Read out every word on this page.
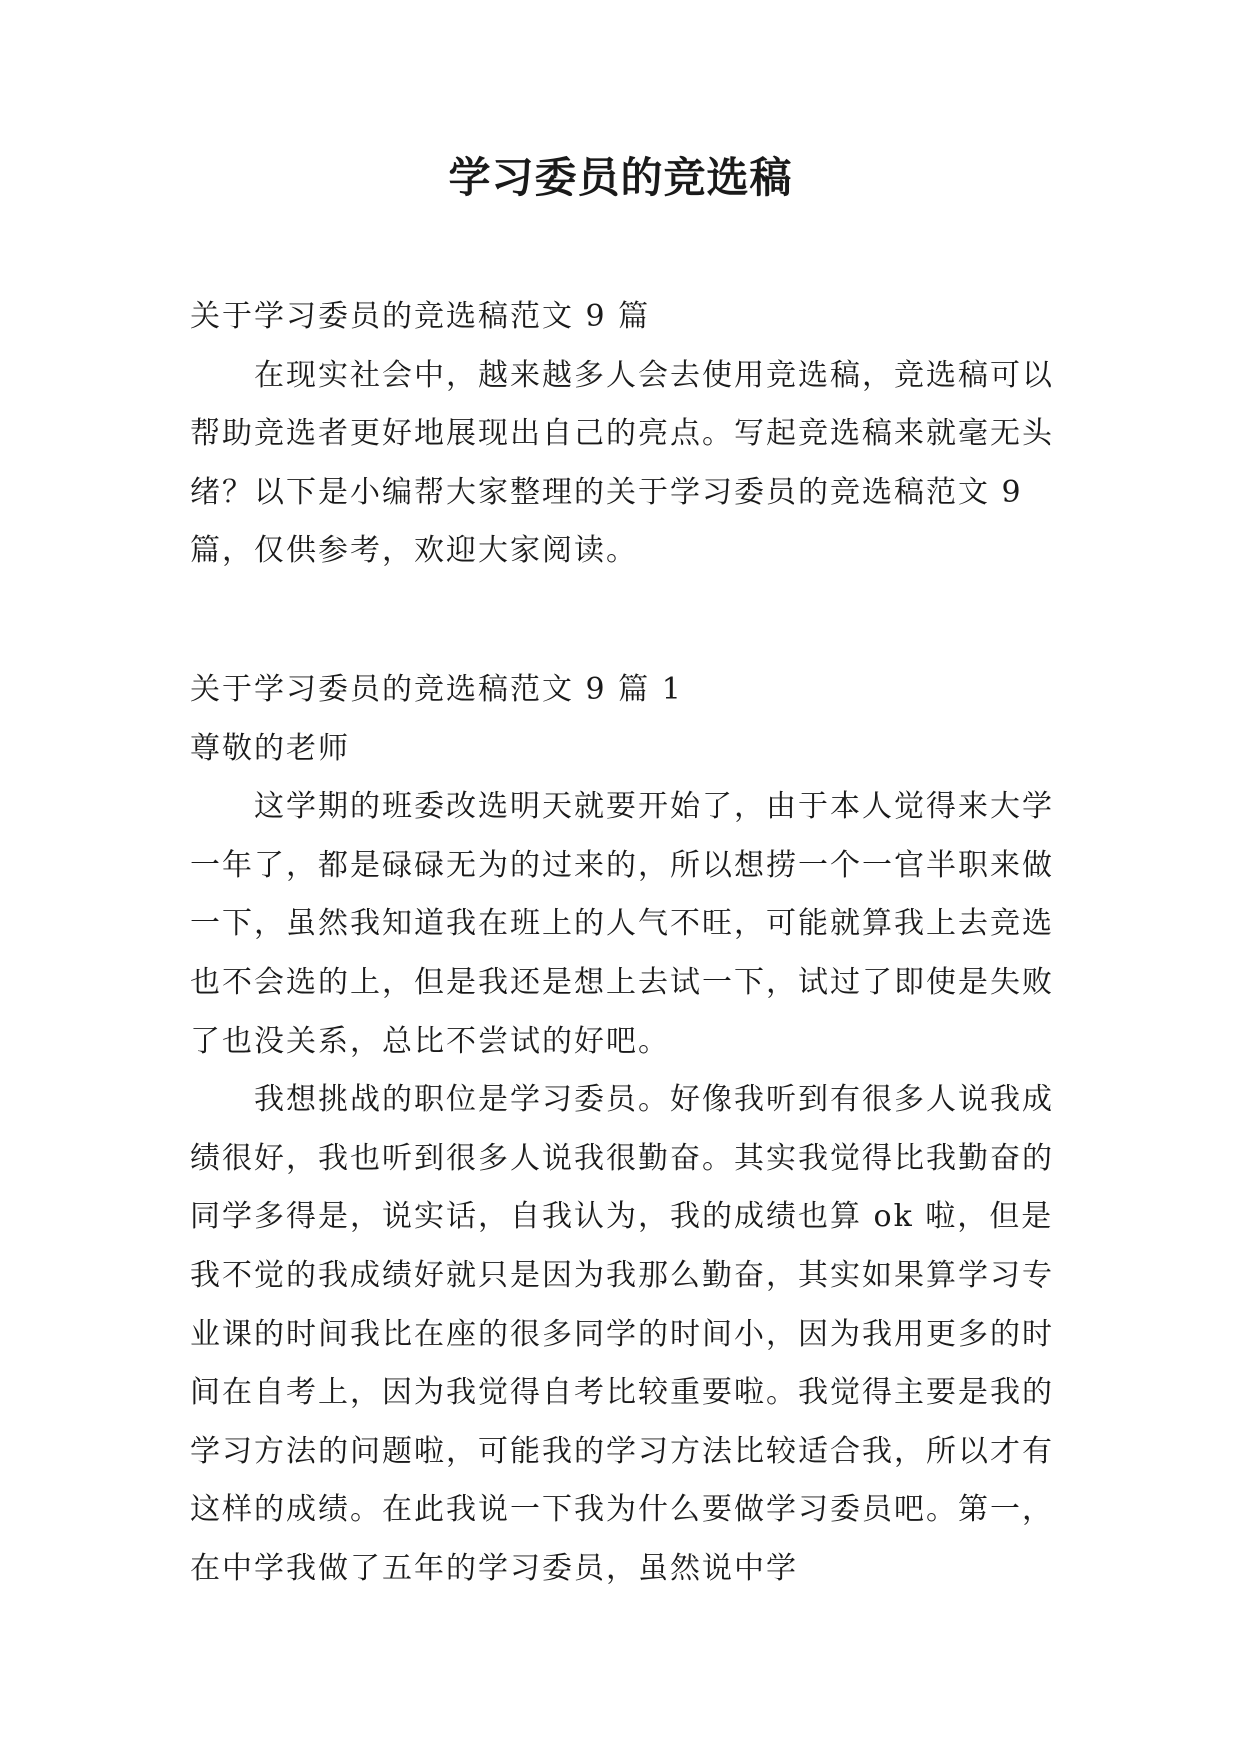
学习委员的竞选稿

关于学习委员的竞选稿范文 9 篇

在现实社会中，越来越多人会去使用竞选稿，竞选稿可以帮助竞选者更好地展现出自己的亮点。写起竞选稿来就毫无头绪？以下是小编帮大家整理的关于学习委员的竞选稿范文 9 篇，仅供参考，欢迎大家阅读。

关于学习委员的竞选稿范文 9 篇 1

尊敬的老师

这学期的班委改选明天就要开始了，由于本人觉得来大学一年了，都是碌碌无为的过来的，所以想捞一个一官半职来做一下，虽然我知道我在班上的人气不旺，可能就算我上去竞选也不会选的上，但是我还是想上去试一下，试过了即使是失败了也没关系，总比不尝试的好吧。

我想挑战的职位是学习委员。好像我听到有很多人说我成绩很好，我也听到很多人说我很勤奋。其实我觉得比我勤奋的同学多得是，说实话，自我认为，我的成绩也算 ok 啦，但是我不觉的我成绩好就只是因为我那么勤奋，其实如果算学习专业课的时间我比在座的很多同学的时间小，因为我用更多的时间在自考上，因为我觉得自考比较重要啦。我觉得主要是我的学习方法的问题啦，可能我的学习方法比较适合我，所以才有这样的成绩。在此我说一下我为什么要做学习委员吧。第一，在中学我做了五年的学习委员，虽然说中学
